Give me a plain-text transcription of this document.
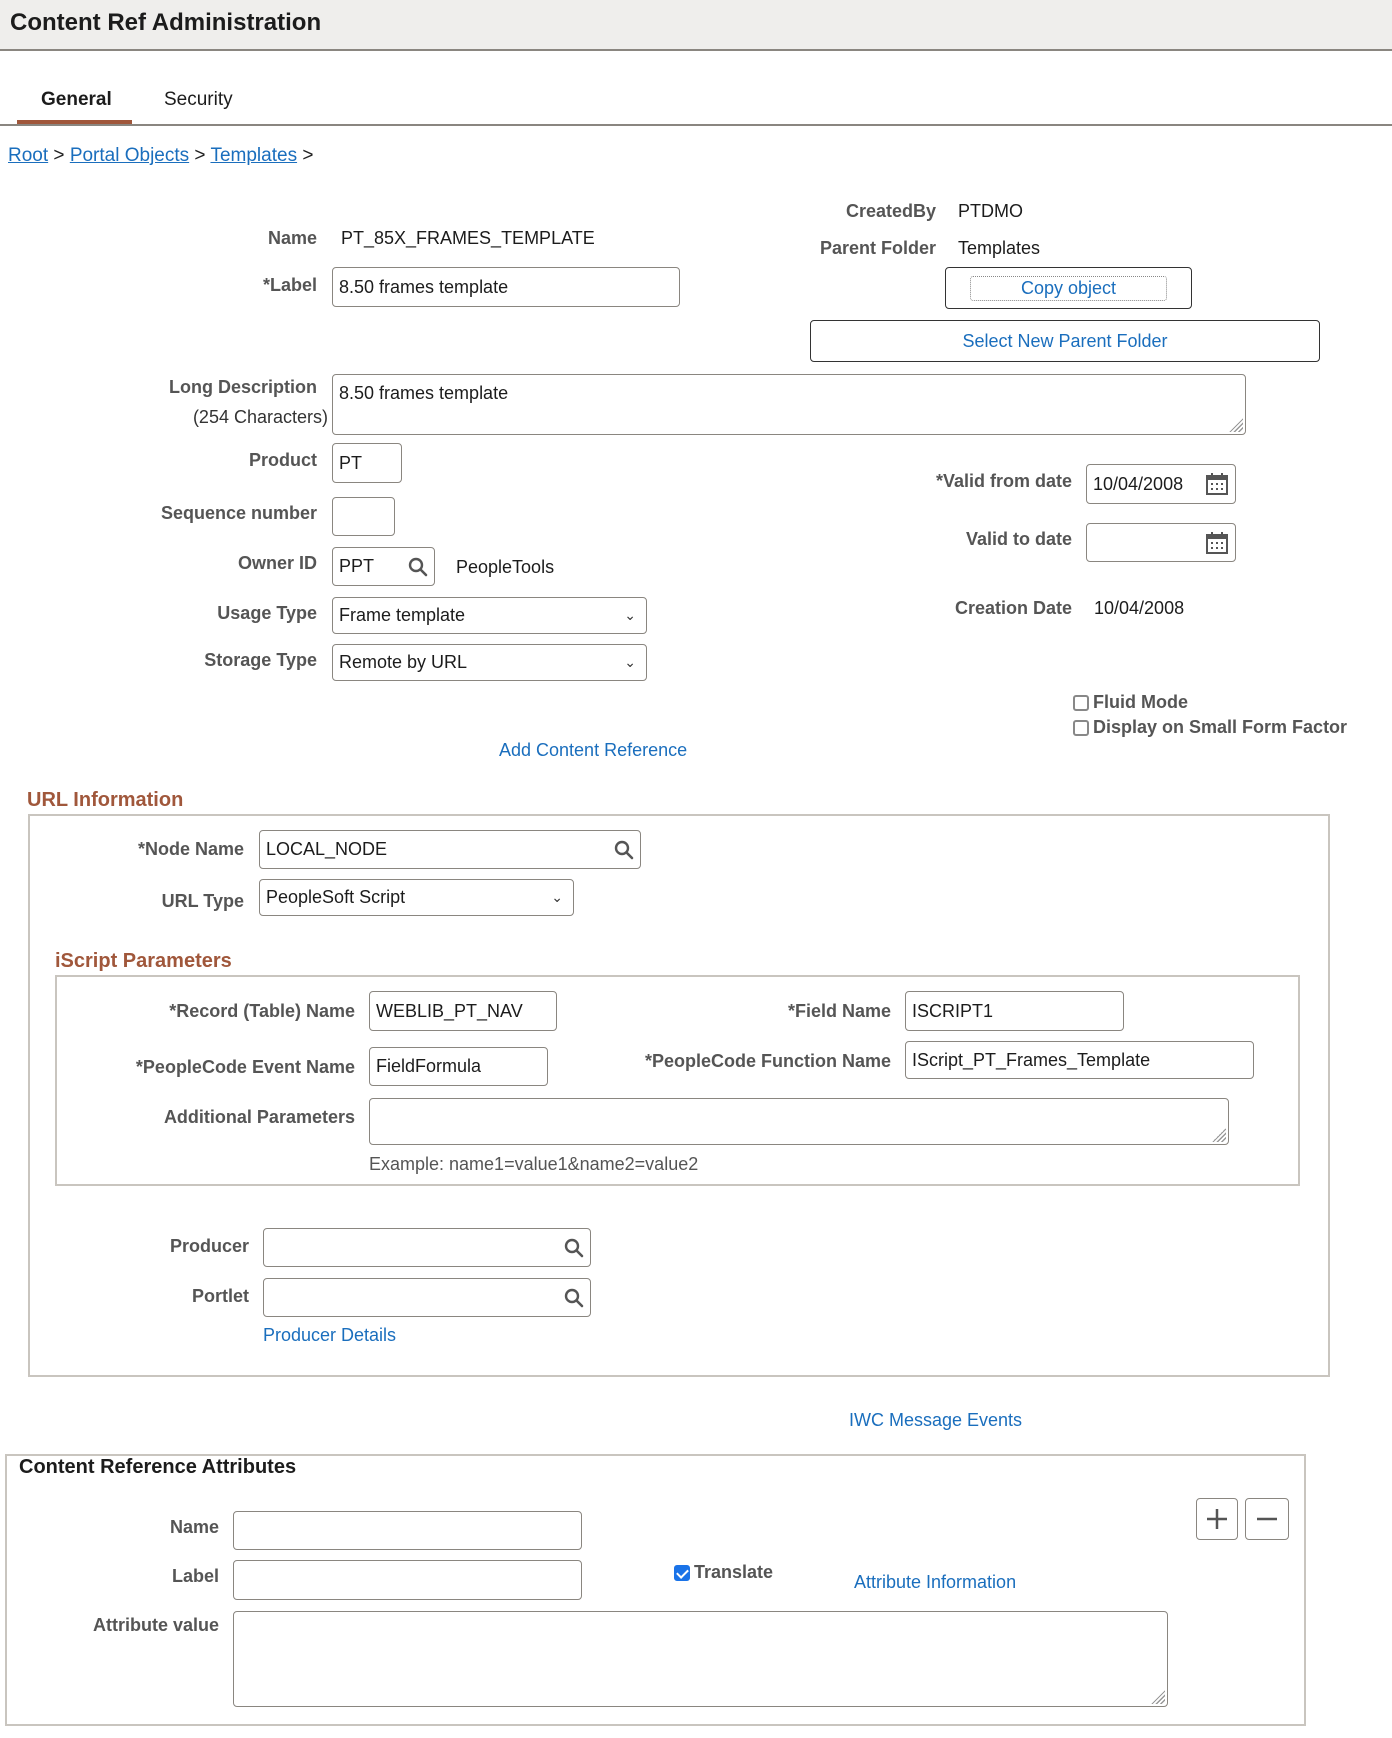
Content Ref Administration
General	Security
Root > Portal Objects > Templates >
Name PT_85X_FRAMES_TEMPLATE
*Label 8.50 frames template
CreatedBy PTDMO
Parent Folder Templates
Copy object
Select New Parent Folder
Long Description
(254 Characters)
8.50 frames template
Product PT
Sequence number
Owner ID PPT	PeopleTools
Usage Type Frame template	⌄
Storage Type Remote by URL	⌄
*Valid from date 10/04/2008
Valid to date
Creation Date 10/04/2008
Fluid Mode
Display on Small Form Factor
Add Content Reference
URL Information
*Node Name LOCAL_NODE
URL Type PeopleSoft Script	⌄
iScript Parameters
*Record (Table) Name WEBLIB_PT_NAV	*Field Name ISCRIPT1
*PeopleCode Event Name FieldFormula	*PeopleCode Function Name IScript_PT_Frames_Template
Additional Parameters
Example: name1=value1&name2=value2
Producer
Portlet
Producer Details
IWC Message Events
Content Reference Attributes
Name
Label	Translate	Attribute Information
Attribute value
